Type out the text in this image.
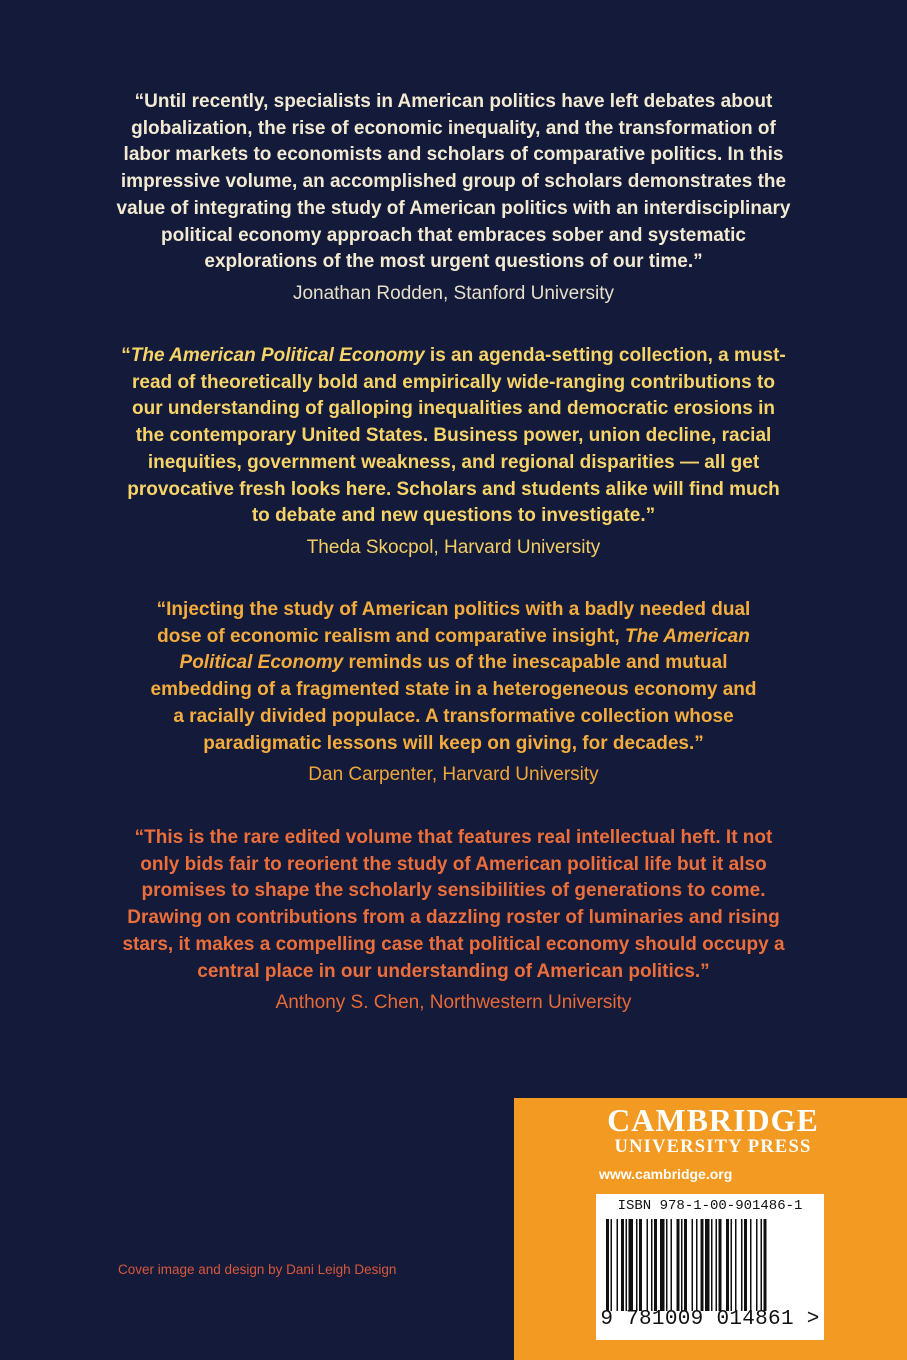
“Until recently, specialists in American politics have left debates about globalization, the rise of economic inequality, and the transformation of labor markets to economists and scholars of comparative politics. In this impressive volume, an accomplished group of scholars demonstrates the value of integrating the study of American politics with an interdisciplinary political economy approach that embraces sober and systematic explorations of the most urgent questions of our time.”

Jonathan Rodden, Stanford University

“The American Political Economy is an agenda-setting collection, a must-read of theoretically bold and empirically wide-ranging contributions to our understanding of galloping inequalities and democratic erosions in the contemporary United States. Business power, union decline, racial inequities, government weakness, and regional disparities — all get provocative fresh looks here. Scholars and students alike will find much to debate and new questions to investigate.”

Theda Skocpol, Harvard University

“Injecting the study of American politics with a badly needed dual dose of economic realism and comparative insight, The American Political Economy reminds us of the inescapable and mutual embedding of a fragmented state in a heterogeneous economy and a racially divided populace. A transformative collection whose paradigmatic lessons will keep on giving, for decades.”

Dan Carpenter, Harvard University

“This is the rare edited volume that features real intellectual heft. It not only bids fair to reorient the study of American political life but it also promises to shape the scholarly sensibilities of generations to come. Drawing on contributions from a dazzling roster of luminaries and rising stars, it makes a compelling case that political economy should occupy a central place in our understanding of American politics.”

Anthony S. Chen, Northwestern University

Cover image and design by Dani Leigh Design
CAMBRIDGE
UNIVERSITY PRESS
www.cambridge.org
ISBN 978-1-00-901486-1
9 781009 014861 >
